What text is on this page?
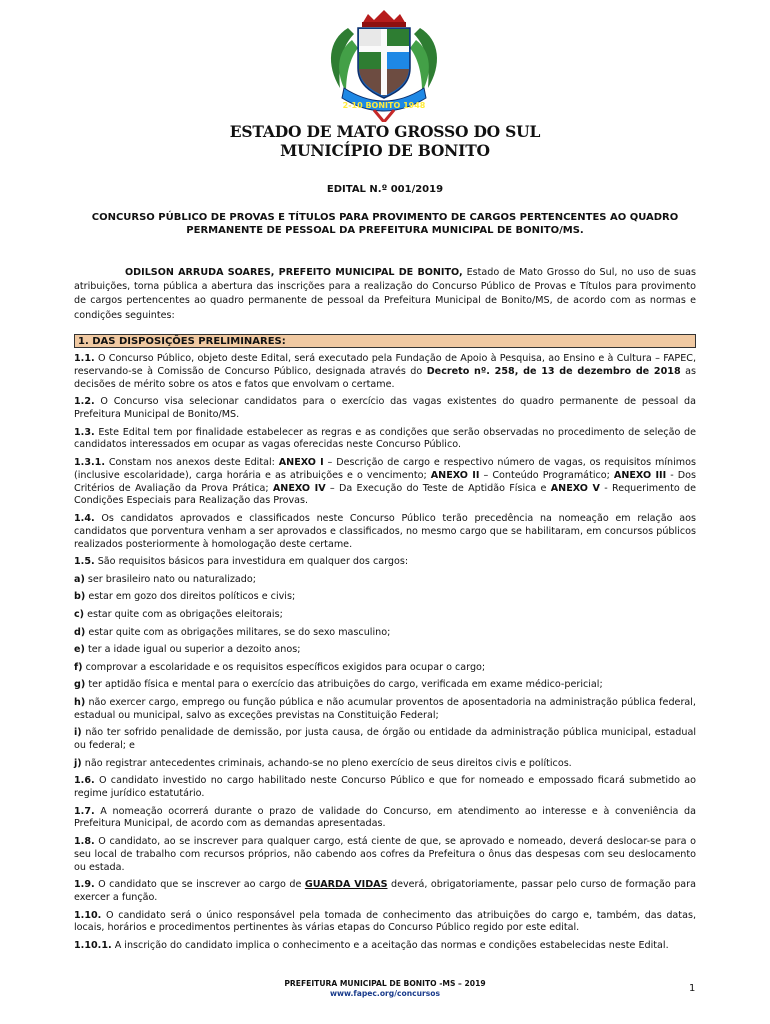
2-10 BONITO 1948
ESTADO DE MATO GROSSO DO SUL
MUNICÍPIO DE BONITO
EDITAL N.º 001/2019
CONCURSO PÚBLICO DE PROVAS E TÍTULOS PARA PROVIMENTO DE CARGOS PERTENCENTES AO QUADRO PERMANENTE DE PESSOAL DA PREFEITURA MUNICIPAL DE BONITO/MS.
ODILSON ARRUDA SOARES, PREFEITO MUNICIPAL DE BONITO, Estado de Mato Grosso do Sul, no uso de suas atribuições, torna pública a abertura das inscrições para a realização do Concurso Público de Provas e Títulos para provimento de cargos pertencentes ao quadro permanente de pessoal da Prefeitura Municipal de Bonito/MS, de acordo com as normas e condições seguintes:
1. DAS DISPOSIÇÕES PRELIMINARES:

1.1. O Concurso Público, objeto deste Edital, será executado pela Fundação de Apoio à Pesquisa, ao Ensino e à Cultura – FAPEC, reservando-se à Comissão de Concurso Público, designada através do Decreto nº. 258, de 13 de dezembro de 2018 as decisões de mérito sobre os atos e fatos que envolvam o certame.

1.2. O Concurso visa selecionar candidatos para o exercício das vagas existentes do quadro permanente de pessoal da Prefeitura Municipal de Bonito/MS.

1.3. Este Edital tem por finalidade estabelecer as regras e as condições que serão observadas no procedimento de seleção de candidatos interessados em ocupar as vagas oferecidas neste Concurso Público.

1.3.1. Constam nos anexos deste Edital: ANEXO I – Descrição de cargo e respectivo número de vagas, os requisitos mínimos (inclusive escolaridade), carga horária e as atribuições e o vencimento; ANEXO II – Conteúdo Programático; ANEXO III - Dos Critérios de Avaliação da Prova Prática; ANEXO IV – Da Execução do Teste de Aptidão Física e ANEXO V - Requerimento de Condições Especiais para Realização das Provas.

1.4. Os candidatos aprovados e classificados neste Concurso Público terão precedência na nomeação em relação aos candidatos que porventura venham a ser aprovados e classificados, no mesmo cargo que se habilitaram, em concursos públicos realizados posteriormente à homologação deste certame.

1.5. São requisitos básicos para investidura em qualquer dos cargos:

a) ser brasileiro nato ou naturalizado;

b) estar em gozo dos direitos políticos e civis;

c) estar quite com as obrigações eleitorais;

d) estar quite com as obrigações militares, se do sexo masculino;

e) ter a idade igual ou superior a dezoito anos;

f) comprovar a escolaridade e os requisitos específicos exigidos para ocupar o cargo;

g) ter aptidão física e mental para o exercício das atribuições do cargo, verificada em exame médico-pericial;

h) não exercer cargo, emprego ou função pública e não acumular proventos de aposentadoria na administração pública federal, estadual ou municipal, salvo as exceções previstas na Constituição Federal;

i) não ter sofrido penalidade de demissão, por justa causa, de órgão ou entidade da administração pública municipal, estadual ou federal; e

j) não registrar antecedentes criminais, achando-se no pleno exercício de seus direitos civis e políticos.

1.6. O candidato investido no cargo habilitado neste Concurso Público e que for nomeado e empossado ficará submetido ao regime jurídico estatutário.

1.7. A nomeação ocorrerá durante o prazo de validade do Concurso, em atendimento ao interesse e à conveniência da Prefeitura Municipal, de acordo com as demandas apresentadas.

1.8. O candidato, ao se inscrever para qualquer cargo, está ciente de que, se aprovado e nomeado, deverá deslocar-se para o seu local de trabalho com recursos próprios, não cabendo aos cofres da Prefeitura o ônus das despesas com seu deslocamento ou estada.

1.9. O candidato que se inscrever ao cargo de GUARDA VIDAS deverá, obrigatoriamente, passar pelo curso de formação para exercer a função.

1.10. O candidato será o único responsável pela tomada de conhecimento das atribuições do cargo e, também, das datas, locais, horários e procedimentos pertinentes às várias etapas do Concurso Público regido por este edital.

1.10.1. A inscrição do candidato implica o conhecimento e a aceitação das normas e condições estabelecidas neste Edital.

PREFEITURA MUNICIPAL DE BONITO -MS – 2019
www.fapec.org/concursos	1
